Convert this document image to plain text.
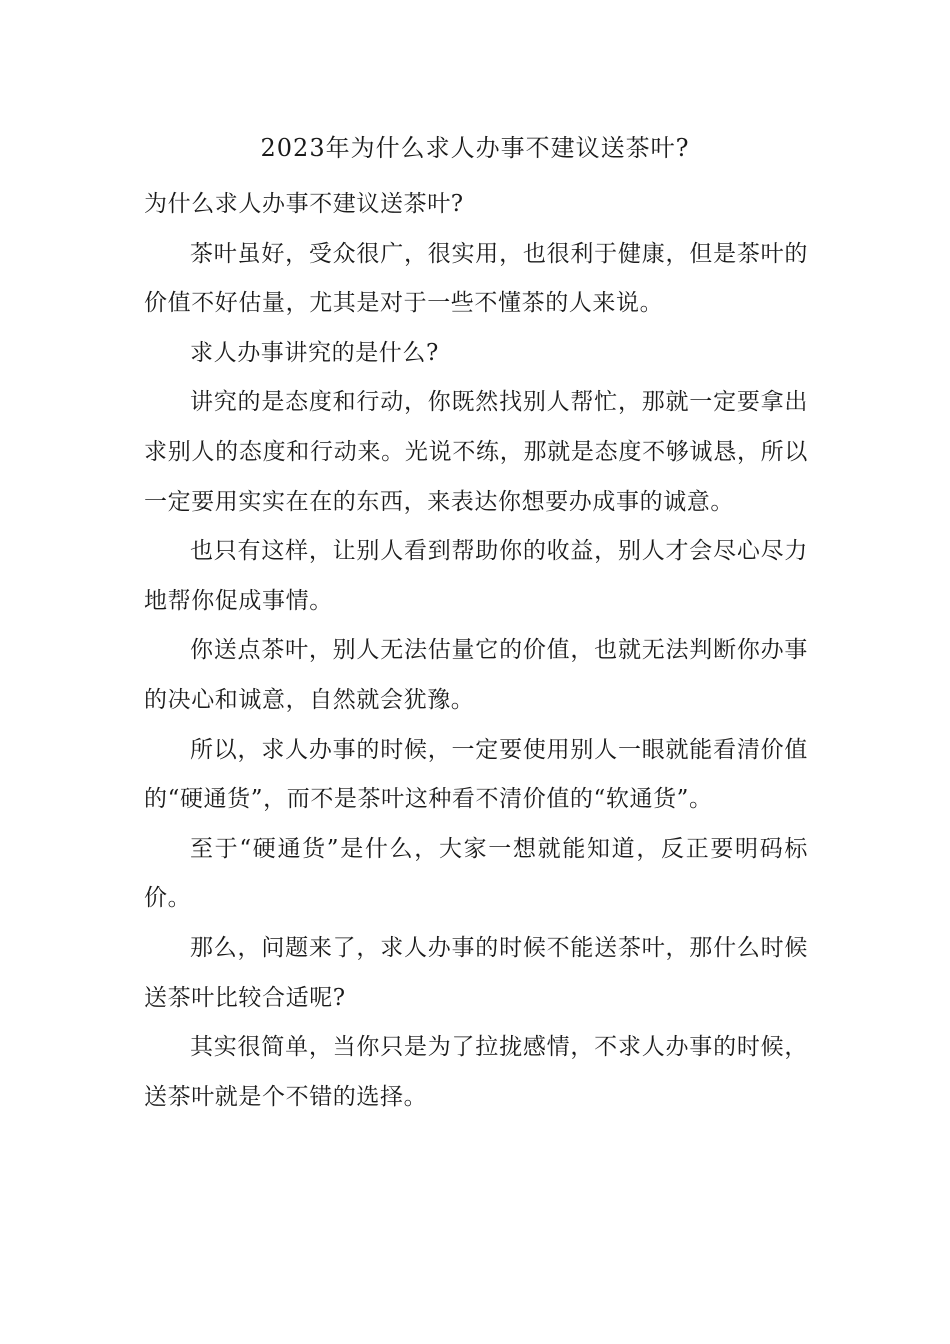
2023年为什么求人办事不建议送茶叶?

为什么求人办事不建议送茶叶?

茶叶虽好，受众很广，很实用，也很利于健康，但是茶叶的价值不好估量，尤其是对于一些不懂茶的人来说。

求人办事讲究的是什么?

讲究的是态度和行动，你既然找别人帮忙，那就一定要拿出求别人的态度和行动来。光说不练，那就是态度不够诚恳，所以一定要用实实在在的东西，来表达你想要办成事的诚意。

也只有这样，让别人看到帮助你的收益，别人才会尽心尽力地帮你促成事情。

你送点茶叶，别人无法估量它的价值，也就无法判断你办事的决心和诚意，自然就会犹豫。

所以，求人办事的时候，一定要使用别人一眼就能看清价值的“硬通货”，而不是茶叶这种看不清价值的“软通货”。

至于“硬通货”是什么，大家一想就能知道，反正要明码标价。

那么，问题来了，求人办事的时候不能送茶叶，那什么时候送茶叶比较合适呢?

其实很简单，当你只是为了拉拢感情，不求人办事的时候，送茶叶就是个不错的选择。
